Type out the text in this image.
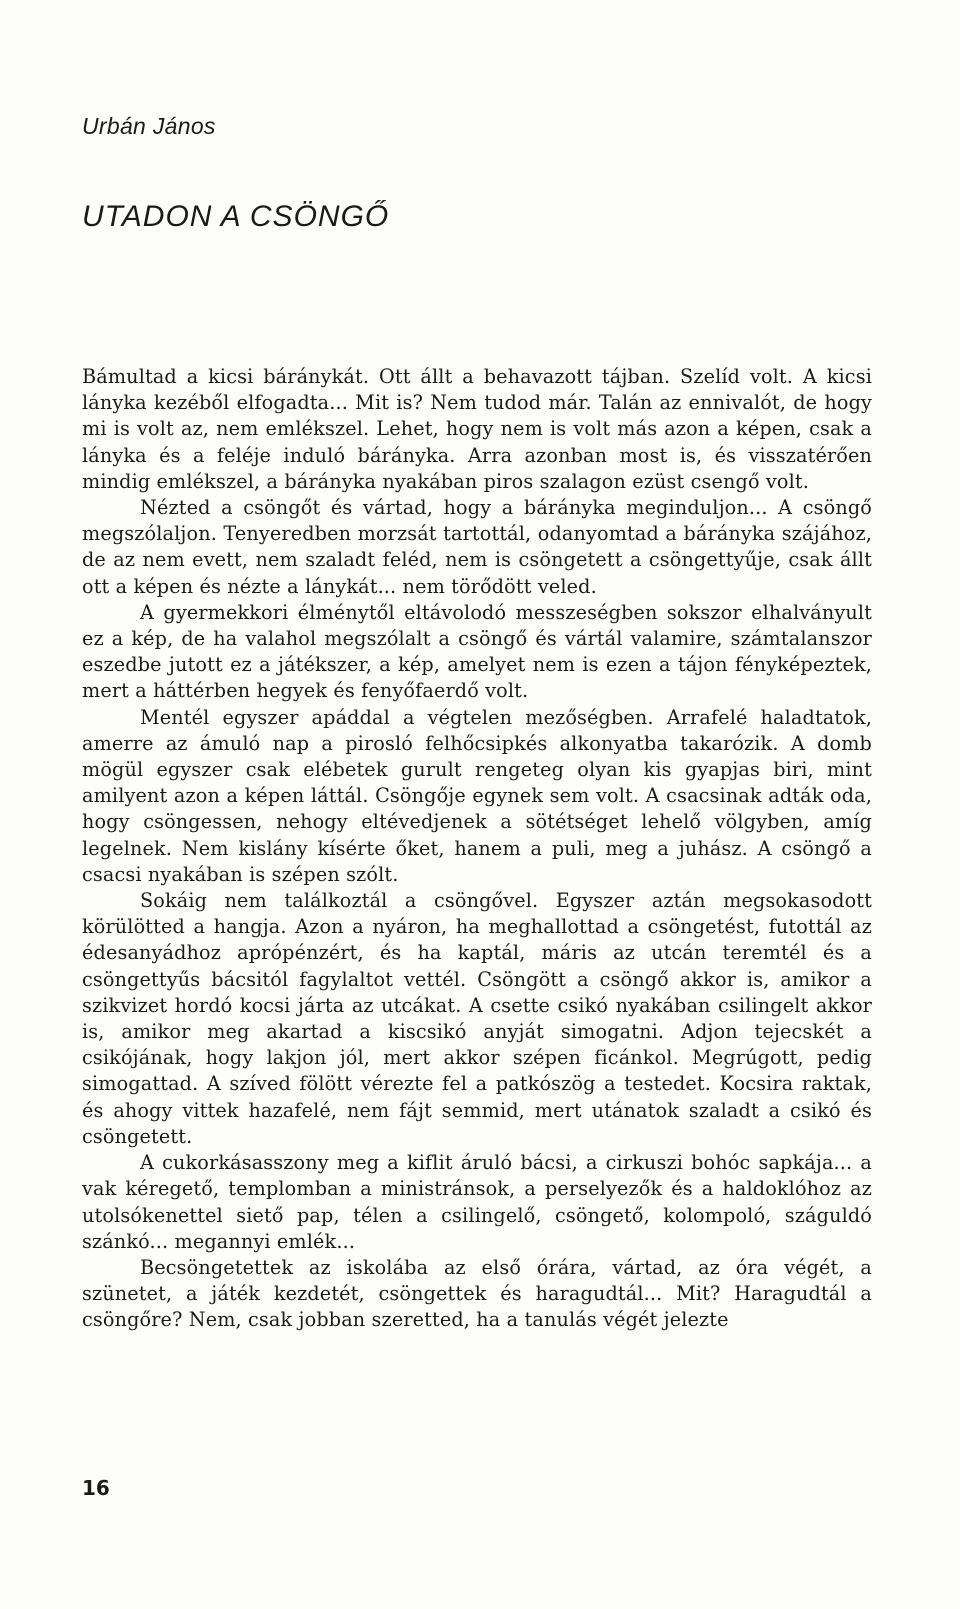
Urbán János

UTADON A CSÖNGŐ

Bámultad a kicsi báránykát. Ott állt a behavazott tájban. Szelíd volt. A kicsi lányka kezéből elfogadta... Mit is? Nem tudod már. Talán az ennivalót, de hogy mi is volt az, nem emlékszel. Lehet, hogy nem is volt más azon a képen, csak a lányka és a feléje induló bárányka. Arra azonban most is, és visszatérően mindig emlékszel, a bárányka nyakában piros szalagon ezüst csengő volt.

Nézted a csöngőt és vártad, hogy a bárányka meginduljon... A csöngő megszólaljon. Tenyeredben morzsát tartottál, odanyomtad a bárányka szájához, de az nem evett, nem szaladt feléd, nem is csöngetett a csöngettyűje, csak állt ott a képen és nézte a lánykát... nem törődött veled.

A gyermekkori élménytől eltávolodó messzeségben sokszor elhalványult ez a kép, de ha valahol megszólalt a csöngő és vártál valamire, számtalanszor eszedbe jutott ez a játékszer, a kép, amelyet nem is ezen a tájon fényképeztek, mert a háttérben hegyek és fenyőfaerdő volt.

Mentél egyszer apáddal a végtelen mezőségben. Arrafelé haladtatok, amerre az ámuló nap a pirosló felhőcsipkés alkonyatba takarózik. A domb mögül egyszer csak elébetek gurult rengeteg olyan kis gyapjas biri, mint amilyent azon a képen láttál. Csöngője egynek sem volt. A csacsinak adták oda, hogy csöngessen, nehogy eltévedjenek a sötétséget lehelő völgyben, amíg legelnek. Nem kislány kísérte őket, hanem a puli, meg a juhász. A csöngő a csacsi nyakában is szépen szólt.

Sokáig nem találkoztál a csöngővel. Egyszer aztán megsokasodott körülötted a hangja. Azon a nyáron, ha meghallottad a csöngetést, futottál az édesanyádhoz aprópénzért, és ha kaptál, máris az utcán teremtél és a csöngettyűs bácsitól fagylaltot vettél. Csöngött a csöngő akkor is, amikor a szikvizet hordó kocsi járta az utcákat. A csette csikó nyakában csilingelt akkor is, amikor meg akartad a kiscsikó anyját simogatni. Adjon tejecskét a csikójának, hogy lakjon jól, mert akkor szépen ficánkol. Megrúgott, pedig simogattad. A szíved fölött vérezte fel a patkószög a testedet. Kocsira raktak, és ahogy vittek hazafelé, nem fájt semmid, mert utánatok szaladt a csikó és csöngetett.

A cukorkásasszony meg a kiflit áruló bácsi, a cirkuszi bohóc sapkája... a vak kéregető, templomban a ministránsok, a perselyezők és a haldoklóhoz az utolsókenettel siető pap, télen a csilingelő, csöngető, kolompoló, száguldó szánkó... megannyi emlék...

Becsöngetettek az iskolába az első órára, vártad, az óra végét, a szünetet, a játék kezdetét, csöngettek és haragudtál... Mit? Haragudtál a csöngőre? Nem, csak jobban szeretted, ha a tanulás végét jelezte

16
